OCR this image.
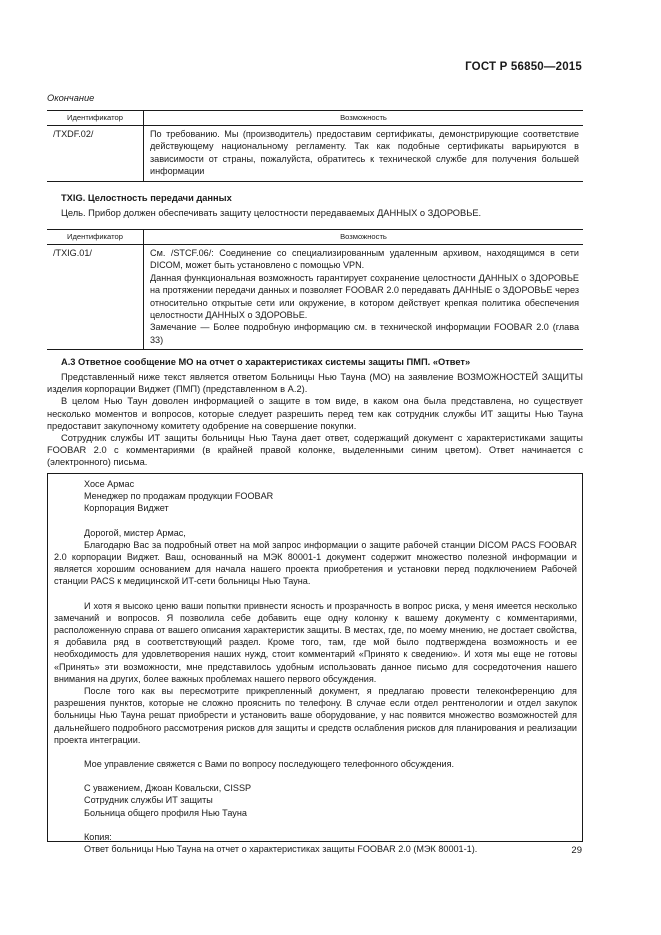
ГОСТ Р 56850—2015
Окончание
Идентификатор	Возможность
/TXDF.02/	По требованию. Мы (производитель) предоставим сертификаты, демонстрирующие соответствие действующему национальному регламенту. Так как подобные сертификаты варьируются в зависимости от страны, пожалуйста, обратитесь к технической службе для получения большей информации
TXIG. Целостность передачи данных
Цель. Прибор должен обеспечивать защиту целостности передаваемых ДАННЫХ о ЗДОРОВЬЕ.
Идентификатор	Возможность
/TXIG.01/	См. /STCF.06/: Соединение со специализированным удаленным архивом, находящимся в сети DICOM, может быть установлено с помощью VPN.
Данная функциональная возможность гарантирует сохранение целостности ДАННЫХ о ЗДОРОВЬЕ на протяжении передачи данных и позволяет FOOBAR 2.0 передавать ДАННЫЕ о ЗДОРОВЬЕ через относительно открытые сети или окружение, в котором действует крепкая политика обеспечения целостности ДАННЫХ о ЗДОРОВЬЕ.
Замечание — Более подробную информацию см. в технической информации FOOBAR 2.0 (глава 33)
А.3 Ответное сообщение МО на отчет о характеристиках системы защиты ПМП. «Ответ»

Представленный ниже текст является ответом Больницы Нью Тауна (МО) на заявление ВОЗМОЖНОСТЕЙ ЗАЩИТЫ изделия корпорации Виджет (ПМП) (представленном в А.2).

В целом Нью Таун доволен информацией о защите в том виде, в каком она была представлена, но существует несколько моментов и вопросов, которые следует разрешить перед тем как сотрудник службы ИТ защиты Нью Тауна предоставит закупочному комитету одобрение на совершение покупки.

Сотрудник службы ИТ защиты больницы Нью Тауна дает ответ, содержащий документ с характеристиками защиты FOOBAR 2.0 с комментариями (в крайней правой колонке, выделенными синим цветом). Ответ начинается с (электронного) письма.

Хосе Армас
Менеджер по продажам продукции FOOBAR
Корпорация Виджет
Дорогой, мистер Армас,
Благодарю Вас за подробный ответ на мой запрос информации о защите рабочей станции DICOM PACS FOOBAR 2.0 корпорации Виджет. Ваш, основанный на МЭК 80001-1 документ содержит множество полезной информации и является хорошим основанием для начала нашего проекта приобретения и установки перед подключением Рабочей станции PACS к медицинской ИТ-сети больницы Нью Тауна.
И хотя я высоко ценю ваши попытки привнести ясность и прозрачность в вопрос риска, у меня имеется несколько замечаний и вопросов. Я позволила себе добавить еще одну колонку к вашему документу с комментариями, расположенную справа от вашего описания характеристик защиты. В местах, где, по моему мнению, не достает свойства, я добавила ряд в соответствующий раздел. Кроме того, там, где мой было подтверждена возможность и ее необходимость для удовлетворения наших нужд, стоит комментарий «Принято к сведению». И хотя мы еще не готовы «Принять» эти возможности, мне представилось удобным использовать данное письмо для сосредоточения нашего внимания на других, более важных проблемах нашего первого обсуждения.
После того как вы пересмотрите прикрепленный документ, я предлагаю провести телеконференцию для разрешения пунктов, которые не сложно прояснить по телефону. В случае если отдел рентгенологии и отдел закупок больницы Нью Тауна решат приобрести и установить ваше оборудование, у нас появится множество возможностей для дальнейшего подробного рассмотрения рисков для защиты и средств ослабления рисков для планирования и реализации проекта интеграции.
Мое управление свяжется с Вами по вопросу последующего телефонного обсуждения.
С уважением, Джоан Ковальски, CISSP
Сотрудник службы ИТ защиты
Больница общего профиля Нью Тауна
Копия:
Ответ больницы Нью Тауна на отчет о характеристиках защиты FOOBAR 2.0 (МЭК 80001-1).	29
